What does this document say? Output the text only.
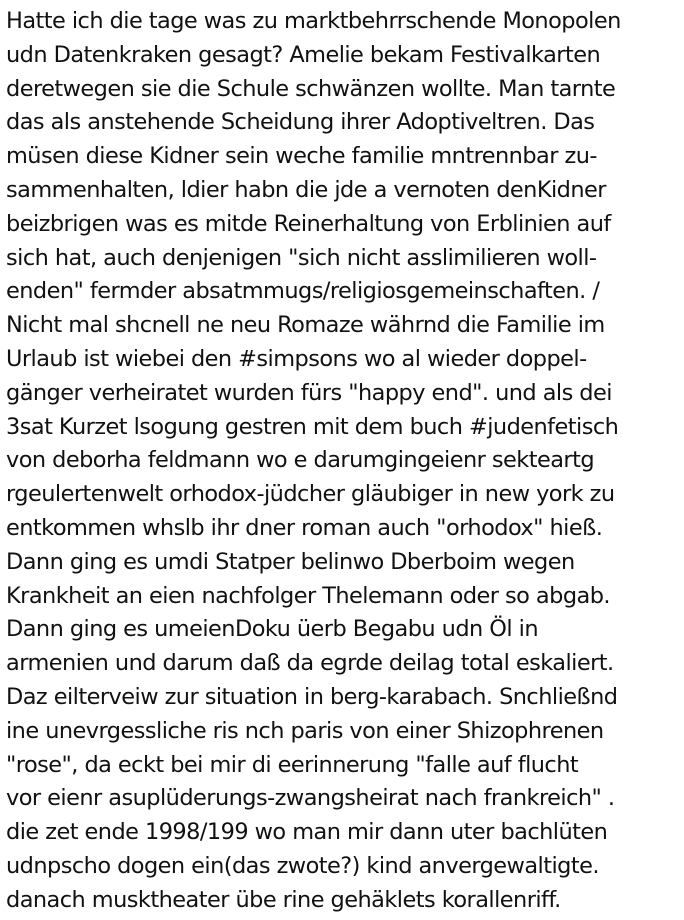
Hatte ich die tage was zu marktbehrrschende Monopolen
udn Datenkraken gesagt? Amelie bekam Festivalkarten
deretwegen sie die Schule schwänzen wollte. Man tarnte
das als anstehende Scheidung ihrer Adoptiveltren. Das
müsen diese Kidner sein weche familie mntrennbar zu-
sammenhalten, ldier habn die jde a vernoten denKidner
beizbrigen was es mitde Reinerhaltung von Erblinien auf
sich hat, auch denjenigen "sich nicht asslimilieren woll-
enden" fermder absatmmugs/religiosgemeinschaften. /
Nicht mal shcnell ne neu Romaze währnd die Familie im
Urlaub ist wiebei den #simpsons wo al wieder doppel-
gänger verheiratet wurden fürs "happy end". und als dei
3sat Kurzet lsogung gestren mit dem buch #judenfetisch
von deborha feldmann wo e darumgingeienr sekteartg
rgeulertenwelt orhodox-jüdcher gläubiger in new york zu
entkommen whslb ihr dner roman auch "orhodox" hieß.
Dann ging es umdi Statper belinwo Dberboim wegen
Krankheit an eien nachfolger Thelemann oder so abgab.
Dann ging es umeienDoku üerb Begabu udn Öl in
armenien und darum daß da egrde deilag total eskaliert.
Daz eilterveiw zur situation in berg-karabach. Snchließnd
ine unevrgessliche ris nch paris von einer Shizophrenen
"rose", da eckt bei mir di eerinnerung "falle auf flucht
vor eienr asuplüderungs-zwangsheirat nach frankreich" .
die zet ende 1998/199 wo man mir dann uter bachlüten
udnpscho dogen ein(das zwote?) kind anvergewaltigte.
danach musktheater übe rine gehäklets korallenriff.
